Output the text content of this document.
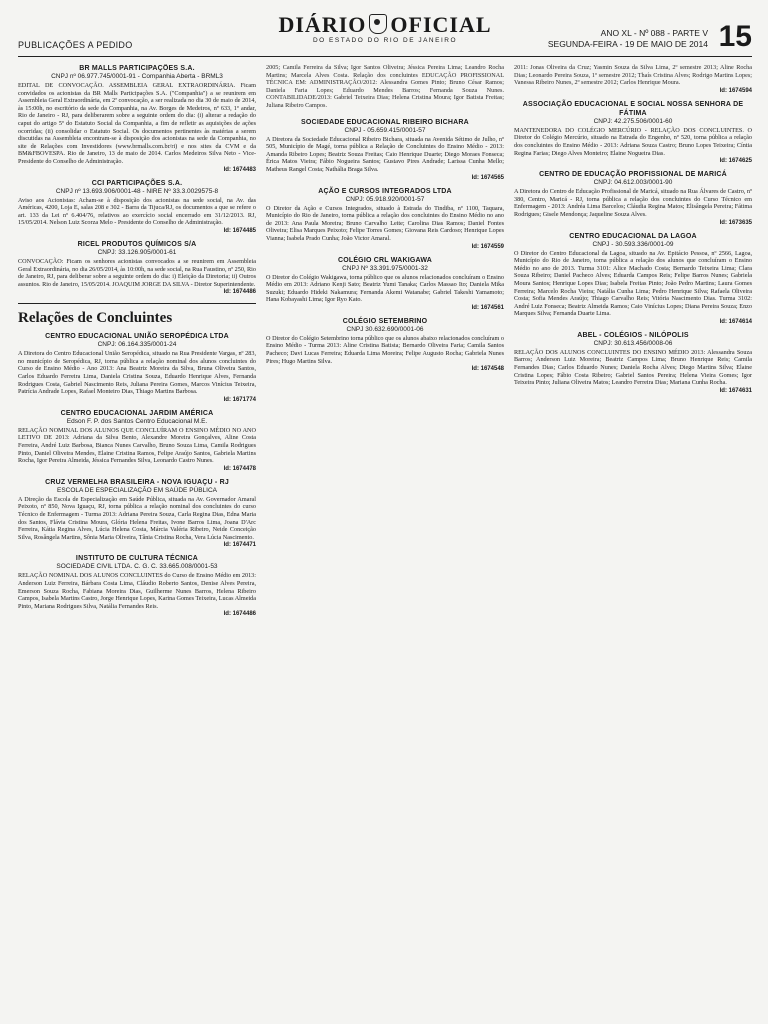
PUBLICAÇÕES A PEDIDO
DIÁRIO OFICIAL
DO ESTADO DO RIO DE JANEIRO
ANO XL - Nº 088 - PARTE V
SEGUNDA-FEIRA - 19 DE MAIO DE 2014 15
BR MALLS PARTICIPAÇÕES S.A.
CNPJ nº 06.977.745/0001-91 - Companhia Aberta - BRML3
EDITAL DE CONVOCAÇÃO. ASSEMBLEIA GERAL EXTRAORDINÁRIA. Ficam convidados os acionistas da BR Malls Participações S.A. ("Companhia") a se reunirem em Assembleia Geral Extraordinária, em 2ª convocação, a ser realizada no dia 30 de maio de 2014, às 15:00h, no escritório da sede da Companhia, na Av. Borges de Medeiros, nº 633, 1º andar, Rio de Janeiro - RJ, para deliberarem sobre a seguinte ordem do dia: (i) alterar a redação do caput do artigo 5º do Estatuto Social da Companhia, a fim de refletir as aquisições de ações ocorridas; (ii) consolidar o Estatuto Social. Os documentos pertinentes às matérias a serem discutidas na Assembleia encontram-se à disposição dos acionistas na sede da Companhia, no site de Relações com Investidores (www.brmalls.com.br/ri) e nos sites da CVM e da BM&FBOVESPA. Rio de Janeiro, 13 de maio de 2014. Carlos Medeiros Silva Neto - Vice-Presidente do Conselho de Administração.
Id: 1674483
CCI PARTICIPAÇÕES S.A.
CNPJ nº 13.693.906/0001-48 - NIRE Nº 33.3.0029575-8
Aviso aos Acionistas: Acham-se à disposição dos acionistas na sede social, na Av. das Américas, 4200, Loja E, salas 208 e 302 - Barra da Tijuca/RJ, os documentos a que se refere o art. 133 da Lei nº 6.404/76, relativos ao exercício social encerrado em 31/12/2013. RJ, 15/05/2014. Nelson Luiz Scorza Melo - Presidente do Conselho de Administração.
Id: 1674485
RICEL PRODUTOS QUÍMICOS S/A
CNPJ: 33.126.905/0001-61
CONVOCAÇÃO: Ficam os senhores acionistas convocados a se reunirem em Assembleia Geral Extraordinária, no dia 26/05/2014, às 10:00h, na sede social, na Rua Faustino, nº 250, Rio de Janeiro, RJ, para deliberar sobre a seguinte ordem do dia: i) Eleição da Diretoria; ii) Outros assuntos. Rio de Janeiro, 15/05/2014. JOAQUIM JORGE DA SILVA - Diretor Superintendente.
Id: 1674486
Relações de Concluintes
CENTRO EDUCACIONAL UNIÃO SEROPÉDICA LTDA
CNPJ: 06.164.335/0001-24
A Diretora do Centro Educacional União Seropédica, situado na Rua Presidente Vargas, nº 283, no município de Seropédica, RJ, torna pública a relação nominal dos alunos concluintes do Curso de Ensino Médio - Ano 2013: Ana Beatriz Moreira da Silva, Bruna Oliveira Santos, Carlos Eduardo Ferreira Lima, Daniela Cristina Souza, Eduardo Henrique Alves, Fernanda Rodrigues Costa, Gabriel Nascimento Reis, Juliana Pereira Gomes, Marcos Vinícius Teixeira, Patrícia Andrade Lopes, Rafael Monteiro Dias, Thiago Martins Barbosa.
Id: 1671774
CENTRO EDUCACIONAL JARDIM AMÉRICA
Edson F. P. dos Santos Centro Educacional M.E.
RELAÇÃO NOMINAL DOS ALUNOS QUE CONCLUÍRAM O ENSINO MÉDIO NO ANO LETIVO DE 2013: Adriana da Silva Bento, Alexandre Moreira Gonçalves, Aline Costa Ferreira, André Luiz Barbosa, Bianca Nunes Carvalho, Bruno Souza Lima, Camila Rodrigues Pinto, Daniel Oliveira Mendes, Elaine Cristina Ramos, Felipe Araújo Santos, Gabriela Martins Rocha, Igor Pereira Almeida, Jéssica Fernandes Silva, Leonardo Castro Nunes.
Id: 1674478
CRUZ VERMELHA BRASILEIRA - NOVA IGUAÇU - RJ
ESCOLA DE ESPECIALIZAÇÃO EM SAÚDE PÚBLICA
A Direção da Escola de Especialização em Saúde Pública, situada na Av. Governador Amaral Peixoto, nº 850, Nova Iguaçu, RJ, torna pública a relação nominal dos concluintes do curso Técnico de Enfermagem - Turma 2013: Adriana Pereira Souza, Carla Regina Dias, Edna Maria dos Santos, Flávia Cristina Moura, Glória Helena Freitas, Ivone Barros Lima, Joana D'Arc Ferreira, Kátia Regina Alves, Lúcia Helena Costa, Márcia Valéria Ribeiro, Neide Conceição Silva, Rosângela Martins, Sônia Maria Oliveira, Tânia Cristina Rocha, Vera Lúcia Nascimento.
Id: 1674471
INSTITUTO DE CULTURA TÉCNICA
SOCIEDADE CIVIL LTDA. C. G. C. 33.665.008/0001-53
RELAÇÃO NOMINAL DOS ALUNOS CONCLUINTES do Curso de Ensino Médio em 2013: Anderson Luiz Ferreira, Bárbara Costa Lima, Cláudio Roberto Santos, Denise Alves Pereira, Emerson Souza Rocha, Fabiana Moreira Dias, Guilherme Nunes Barros, Helena Ribeiro Campos, Isabela Martins Castro, Jorge Henrique Lopes, Karina Gomes Teixeira, Lucas Almeida Pinto, Mariana Rodrigues Silva, Natália Fernandes Reis.
Id: 1674486
2005; Camila Ferreira da Silva; Igor Santos Oliveira; Jéssica Pereira Lima; Leandro Rocha Martins; Marcela Alves Costa. Relação dos concluintes EDUCAÇÃO PROFISSIONAL TÉCNICA EM: ADMINISTRAÇÃO/2012: Alessandra Gomes Pinto; Bruno César Ramos; Daniela Faria Lopes; Eduardo Mendes Barros; Fernanda Souza Nunes. CONTABILIDADE/2013: Gabriel Teixeira Dias; Helena Cristina Moura; Igor Batista Freitas; Juliana Ribeiro Campos.
SOCIEDADE EDUCACIONAL RIBEIRO BICHARA
CNPJ - 05.659.415/0001-57
A Diretora da Sociedade Educacional Ribeiro Bichara, situada na Avenida Sétimo de Julho, nº 505, Município de Magé, torna pública a Relação de Concluintes do Ensino Médio - 2013: Amanda Ribeiro Lopes; Beatriz Souza Freitas; Caio Henrique Duarte; Diego Moraes Fonseca; Érica Matos Vieira; Fábio Nogueira Santos; Gustavo Pires Andrade; Larissa Cunha Mello; Matheus Rangel Costa; Nathália Braga Silva.
Id: 1674565
AÇÃO E CURSOS INTEGRADOS LTDA
CNPJ: 05.918.920/0001-57
O Diretor da Ação e Cursos Integrados, situado à Estrada do Tindiba, nº 1100, Taquara, Município do Rio de Janeiro, torna pública a relação dos concluintes do Ensino Médio no ano de 2013: Ana Paula Moreira; Bruno Carvalho Leite; Carolina Dias Ramos; Daniel Fontes Oliveira; Elisa Marques Peixoto; Felipe Torres Gomes; Giovana Reis Cardoso; Henrique Lopes Vianna; Isabela Prado Cunha; João Victor Amaral.
Id: 1674559
COLÉGIO CRL WAKIGAWA
CNPJ Nº 33.391.975/0001-32
O Diretor do Colégio Wakigawa, torna público que os alunos relacionados concluíram o Ensino Médio em 2013: Adriano Kenji Sato; Beatriz Yumi Tanaka; Carlos Massao Ito; Daniela Mika Suzuki; Eduardo Hideki Nakamura; Fernanda Akemi Watanabe; Gabriel Takeshi Yamamoto; Hana Kobayashi Lima; Igor Ryo Kato.
Id: 1674561
COLÉGIO SETEMBRINO
CNPJ 30.632.690/0001-06
O Diretor do Colégio Setembrino torna público que os alunos abaixo relacionados concluíram o Ensino Médio - Turma 2013: Aline Cristina Batista; Bernardo Oliveira Faria; Camila Santos Pacheco; Davi Lucas Ferreira; Eduarda Lima Moreira; Felipe Augusto Rocha; Gabriela Nunes Pires; Hugo Martins Silva.
Id: 1674548
2011: Jonas Oliveira da Cruz; Yasmin Souza da Silva Lima, 2º semestre 2013; Aline Rocha Dias; Leonardo Pereira Souza, 1º semestre 2012; Thaís Cristina Alves; Rodrigo Martins Lopes; Vanessa Ribeiro Nunes, 2º semestre 2012; Carlos Henrique Moura.
Id: 1674594
ASSOCIAÇÃO EDUCACIONAL E SOCIAL NOSSA SENHORA DE FÁTIMA
CNPJ: 42.275.506/0001-60
MANTENEDORA DO COLÉGIO MERCÚRIO - RELAÇÃO DOS CONCLUINTES. O Diretor do Colégio Mercúrio, situado na Estrada do Engenho, nº 520, torna pública a relação dos concluintes do Ensino Médio - 2013: Adriana Souza Castro; Bruno Lopes Teixeira; Cíntia Regina Farias; Diego Alves Monteiro; Elaine Nogueira Dias.
Id: 1674625
CENTRO DE EDUCAÇÃO PROFISSIONAL DE MARICÁ
CNPJ: 04.612.003/0001-90
A Diretora do Centro de Educação Profissional de Maricá, situado na Rua Álvares de Castro, nº 380, Centro, Maricá - RJ, torna pública a relação dos concluintes do Curso Técnico em Enfermagem - 2013: Andréa Lima Barcelos; Cláudia Regina Matos; Elisângela Pereira; Fátima Rodrigues; Gisele Mendonça; Jaqueline Souza Alves.
Id: 1673635
CENTRO EDUCACIONAL DA LAGOA
CNPJ - 30.593.336/0001-09
O Diretor do Centro Educacional da Lagoa, situado na Av. Epitácio Pessoa, nº 2566, Lagoa, Município do Rio de Janeiro, torna pública a relação dos alunos que concluíram o Ensino Médio no ano de 2013. Turma 3101: Alice Machado Costa; Bernardo Teixeira Lima; Clara Souza Ribeiro; Daniel Pacheco Alves; Eduarda Campos Reis; Felipe Barros Nunes; Gabriela Moura Santos; Henrique Lopes Dias; Isabela Freitas Pinto; João Pedro Martins; Laura Gomes Ferreira; Marcelo Rocha Vieira; Natália Cunha Lima; Pedro Henrique Silva; Rafaela Oliveira Costa; Sofia Mendes Araújo; Thiago Carvalho Reis; Vitória Nascimento Dias. Turma 3102: André Luiz Fonseca; Beatriz Almeida Ramos; Caio Vinícius Lopes; Diana Pereira Souza; Enzo Marques Silva; Fernanda Duarte Lima.
Id: 1674614
ABEL - COLÉGIOS - NILÓPOLIS
CNPJ: 30.613.456/0008-06
RELAÇÃO DOS ALUNOS CONCLUINTES DO ENSINO MÉDIO 2013: Alessandra Souza Barros; Anderson Luiz Moreira; Beatriz Campos Lima; Bruno Henrique Reis; Camila Fernandes Dias; Carlos Eduardo Nunes; Daniela Rocha Alves; Diego Martins Silva; Elaine Cristina Lopes; Fábio Costa Ribeiro; Gabriel Santos Pereira; Helena Vieira Gomes; Igor Teixeira Pinto; Juliana Oliveira Matos; Leandro Ferreira Dias; Mariana Cunha Rocha.
Id: 1674631
